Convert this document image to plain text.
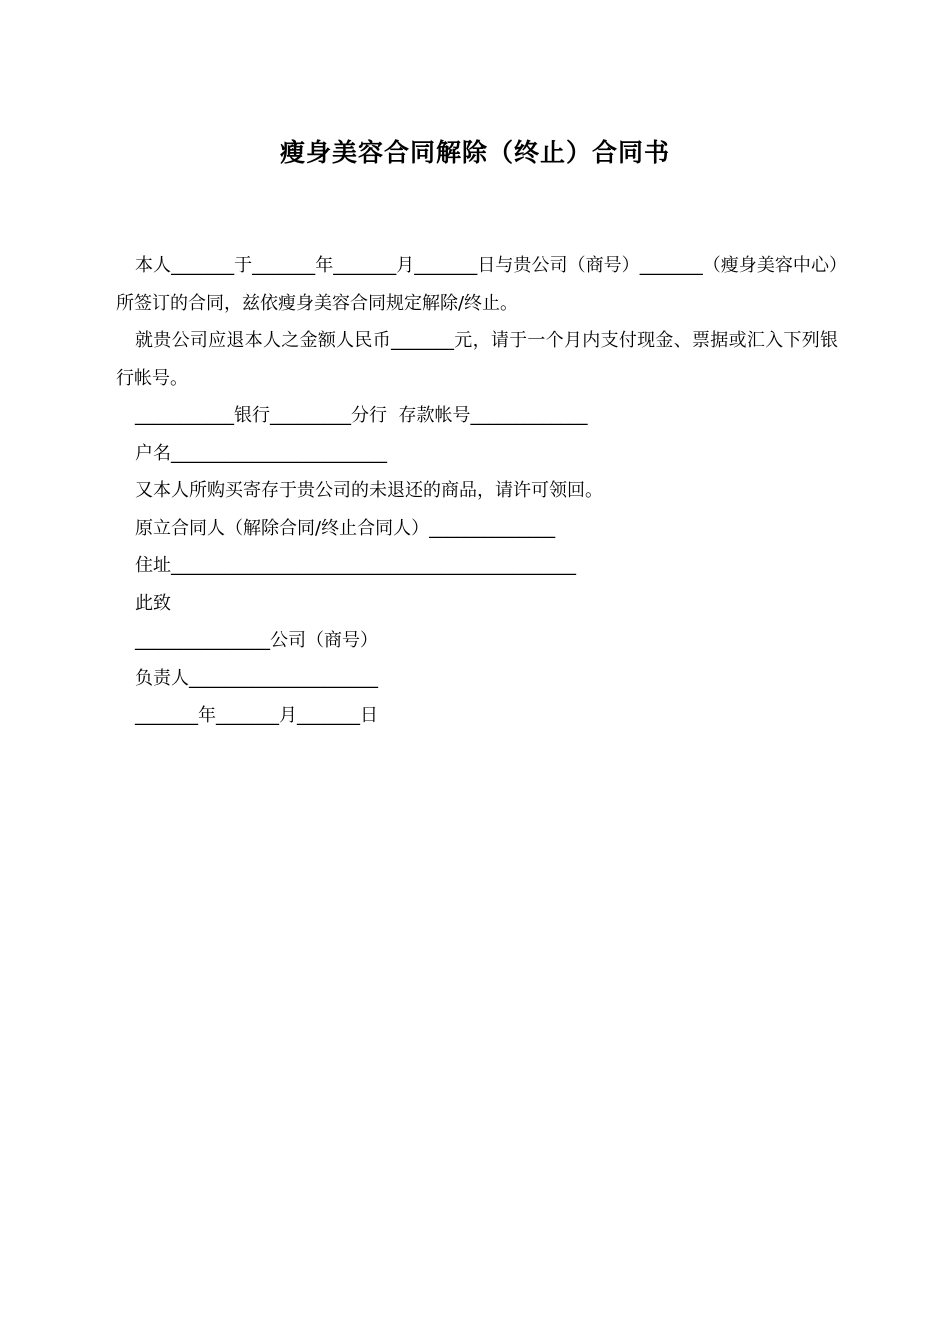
瘦身美容合同解除（终止）合同书

本人_______于_______年_______月_______日与贵公司（商号）_______（瘦身美容中心）所签订的合同，兹依瘦身美容合同规定解除/终止。

就贵公司应退本人之金额人民币_______元，请于一个月内支付现金、票据或汇入下列银行帐号。

___________银行_________分行  存款帐号_____________

户名________________________

又本人所购买寄存于贵公司的未退还的商品，请许可领回。

原立合同人（解除合同/终止合同人）______________

住址_____________________________________________

此致

_______________公司（商号）

负责人_____________________

_______年_______月_______日
